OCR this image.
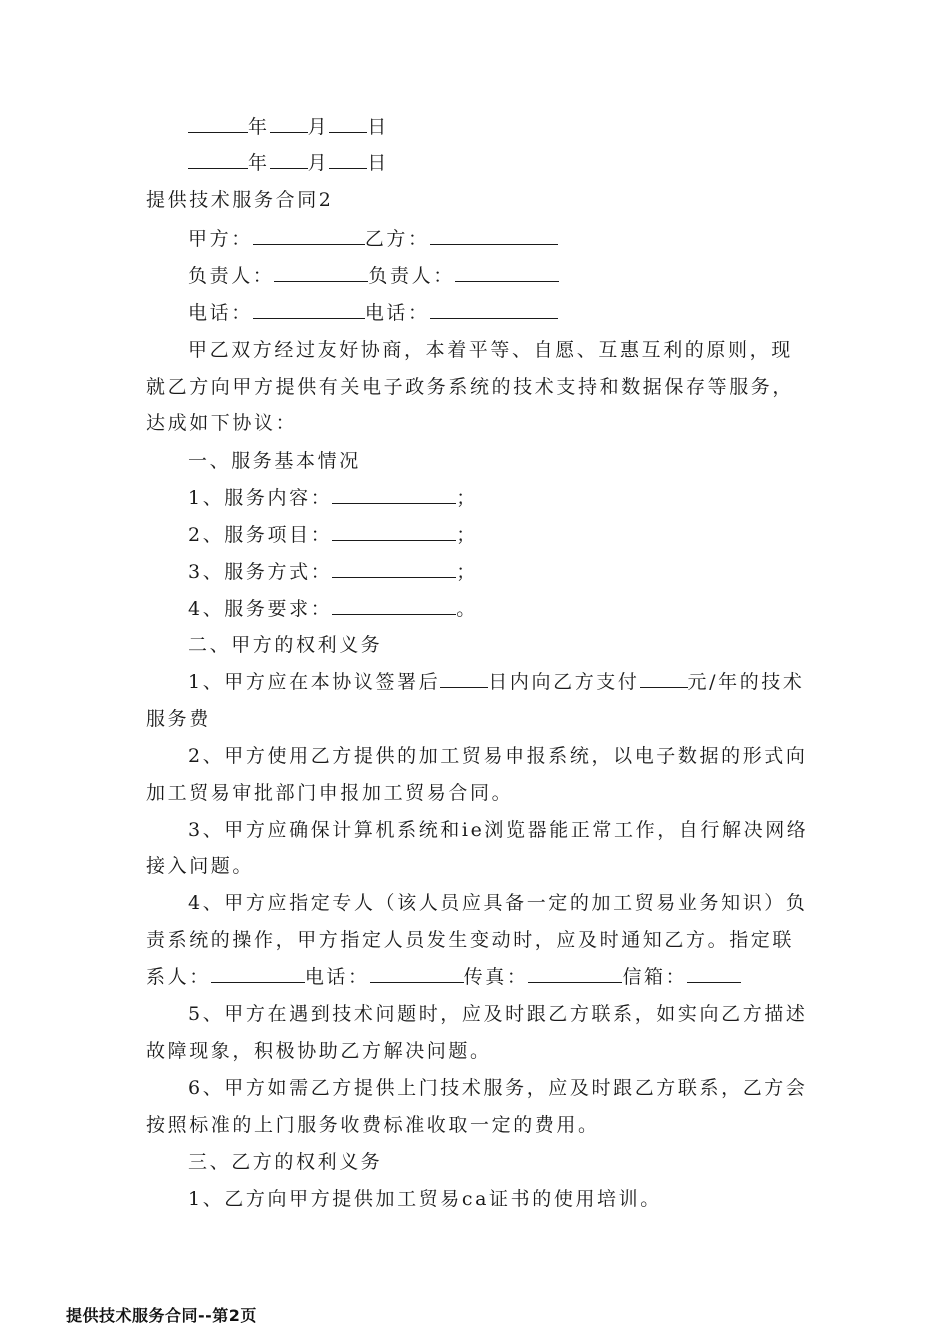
年 月 日
年 月 日
提供技术服务合同2
甲方：	乙方：
负责人：	负责人：
电话：	电话：
甲乙双方经过友好协商，本着平等、自愿、互惠互利的原则，现
就乙方向甲方提供有关电子政务系统的技术支持和数据保存等服务，
达成如下协议：
一、服务基本情况
1、服务内容：	；
2、服务项目：	；
3、服务方式：	；
4、服务要求：	。
二、甲方的权利义务
1、甲方应在本协议签署后	日内向乙方支付	元/年的技术
服务费
2、甲方使用乙方提供的加工贸易申报系统，以电子数据的形式向
加工贸易审批部门申报加工贸易合同。
3、甲方应确保计算机系统和ie浏览器能正常工作，自行解决网络
接入问题。
4、甲方应指定专人（该人员应具备一定的加工贸易业务知识）负
责系统的操作，甲方指定人员发生变动时，应及时通知乙方。指定联
系人：	电话：	传真：	信箱：
5、甲方在遇到技术问题时，应及时跟乙方联系，如实向乙方描述
故障现象，积极协助乙方解决问题。
6、甲方如需乙方提供上门技术服务，应及时跟乙方联系，乙方会
按照标准的上门服务收费标准收取一定的费用。
三、乙方的权利义务
1、乙方向甲方提供加工贸易ca证书的使用培训。
提供技术服务合同--第2页
